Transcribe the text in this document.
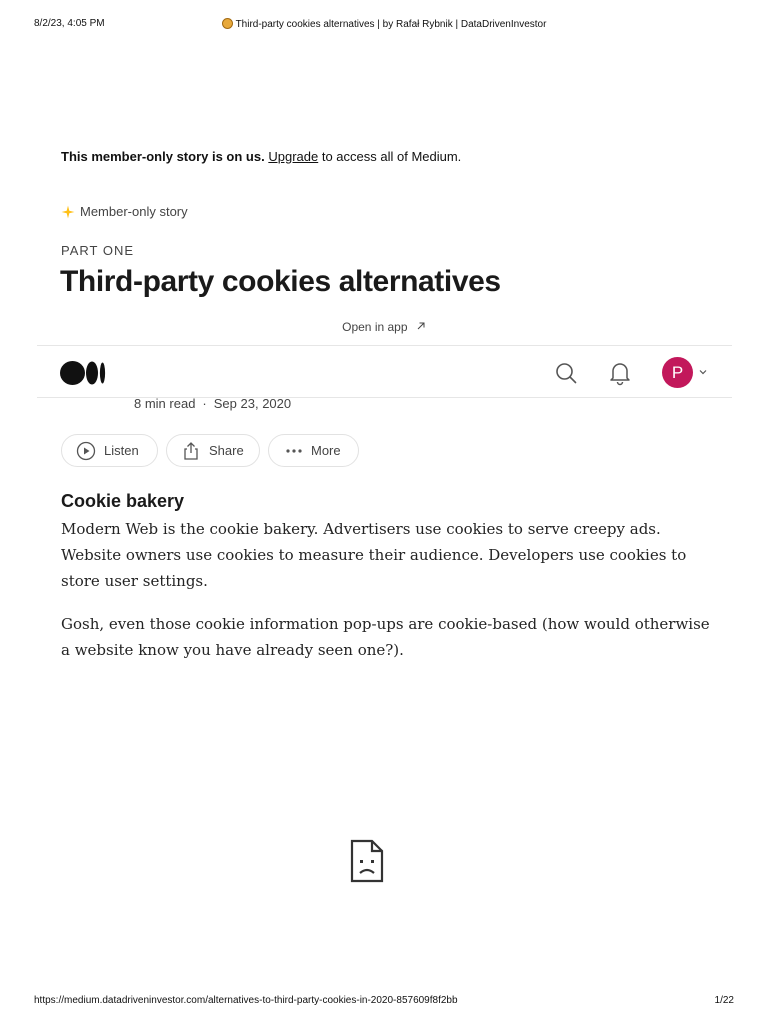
8/2/23, 4:05 PM	Third-party cookies alternatives | by Rafał Rybnik | DataDrivenInvestor
This member-only story is on us. Upgrade to access all of Medium.
Member-only story
PART ONE
Third-party cookies alternatives
Open in app
P
8 min read · Sep 23, 2020
Listen	Share	More
Cookie bakery

Modern Web is the cookie bakery. Advertisers use cookies to serve creepy ads. Website owners use cookies to measure their audience. Developers use cookies to store user settings.

Gosh, even those cookie information pop-ups are cookie-based (how would otherwise a website know you have already seen one?).

https://medium.datadriveninvestor.com/alternatives-to-third-party-cookies-in-2020-857609f8f2bb	1/22
